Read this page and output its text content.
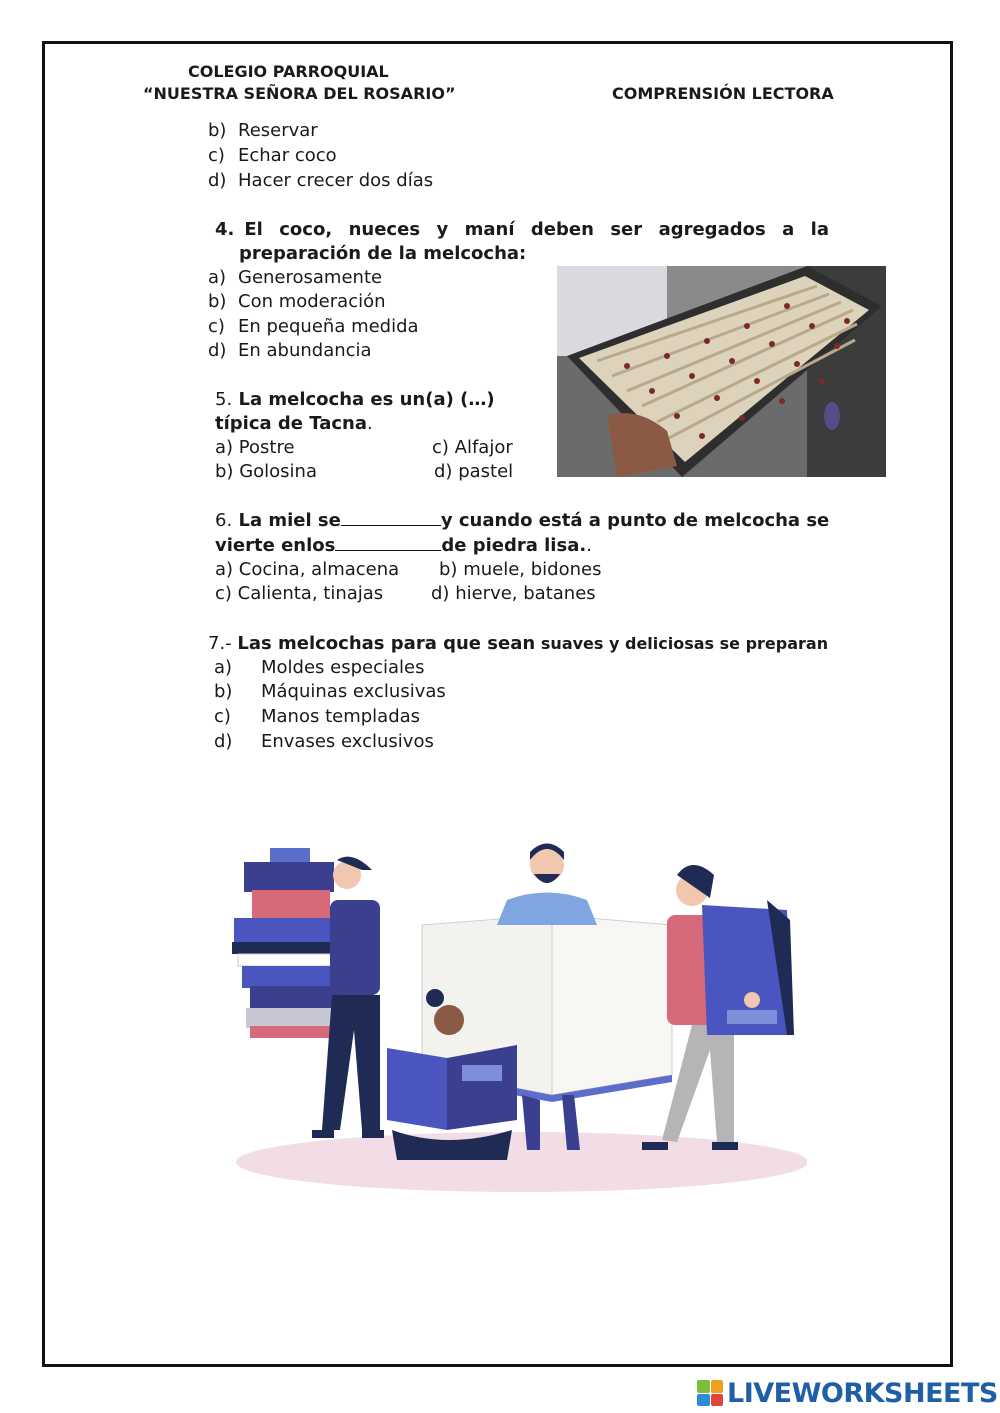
COLEGIO PARROQUIAL
“NUESTRA SEÑORA DEL ROSARIO”	COMPRENSIÓN LECTORA
b) Reservar
c) Echar coco
d) Hacer crecer dos días
4. El coco, nueces y maní deben ser agregados a la
preparación de la melcocha:
a) Generosamente
b) Con moderación
c) En pequeña medida
d) En abundancia
5. La melcocha es un(a) (…)
típica de Tacna.
a) Postre	c) Alfajor
b) Golosina	d) pastel
6. La miel se	y cuando está a punto de melcocha se
vierte enlos	de piedra lisa..
a) Cocina, almacena b) muele, bidones
c) Calienta, tinajas	d) hierve, batanes
7.- Las melcochas para que sean suaves y deliciosas se preparan
a) Moldes especiales
b) Máquinas exclusivas
c) Manos templadas
d) Envases exclusivos
LIVEWORKSHEETS
